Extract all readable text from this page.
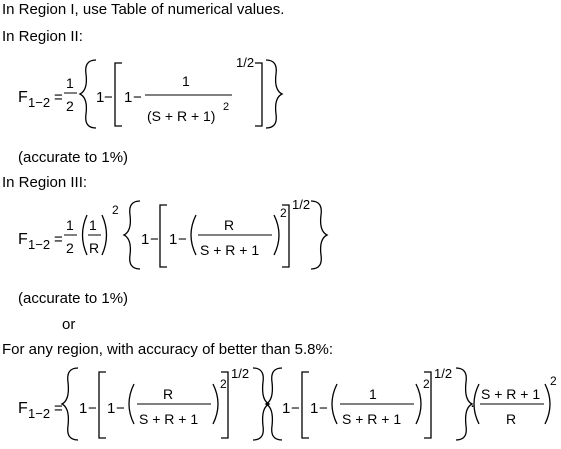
In Region I, use Table of numerical values.
In Region II:
F 1−2 =
1
2 1 − 1 −
1
(S + R + 1)
2
1/2
(accurate to 1%)
In Region III:
F 1−2 =
1
2
1
R
2
1 − 1 −
R
S + R + 1
2
1/2
(accurate to 1%)
or
For any region, with accuracy of better than 5.8%:
F 1−2 = 1 − 1 −
R
S + R + 1
2
1/2
1 − 1 −
1
S + R + 1
2
1/2
·
S + R + 1
R
2
